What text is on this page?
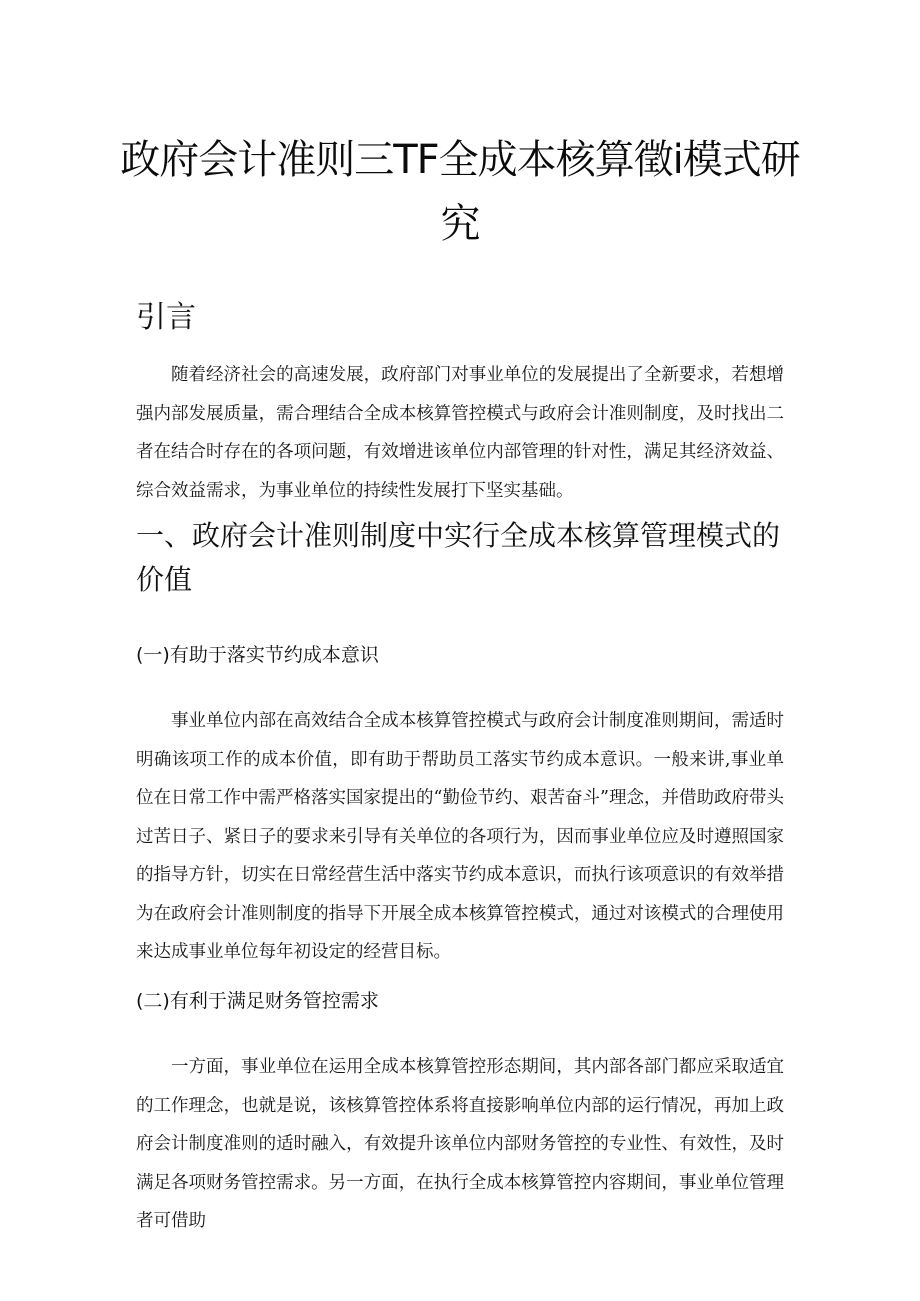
政府会计准则三TF全成本核算徵i模式研
究
引言
随着经济社会的高速发展，政府部门对事业单位的发展提出了全新要求，若想增强内部发展质量，需合理结合全成本核算管控模式与政府会计准则制度，及时找出二者在结合时存在的各项问题，有效增进该单位内部管理的针对性，满足其经济效益、综合效益需求，为事业单位的持续性发展打下坚实基础。
一、政府会计准则制度中实行全成本核算管理模式的价值
(一)有助于落实节约成本意识
事业单位内部在高效结合全成本核算管控模式与政府会计制度准则期间，需适时明确该项工作的成本价值，即有助于帮助员工落实节约成本意识。一般来讲,事业单位在日常工作中需严格落实国家提出的“勤俭节约、艰苦奋斗”理念，并借助政府带头过苦日子、紧日子的要求来引导有关单位的各项行为，因而事业单位应及时遵照国家的指导方针，切实在日常经营生活中落实节约成本意识，而执行该项意识的有效举措为在政府会计准则制度的指导下开展全成本核算管控模式，通过对该模式的合理使用来达成事业单位每年初设定的经营目标。
(二)有利于满足财务管控需求
一方面，事业单位在运用全成本核算管控形态期间，其内部各部门都应采取适宜的工作理念，也就是说，该核算管控体系将直接影响单位内部的运行情况，再加上政府会计制度准则的适时融入，有效提升该单位内部财务管控的专业性、有效性，及时满足各项财务管控需求。另一方面，在执行全成本核算管控内容期间，事业单位管理者可借助
